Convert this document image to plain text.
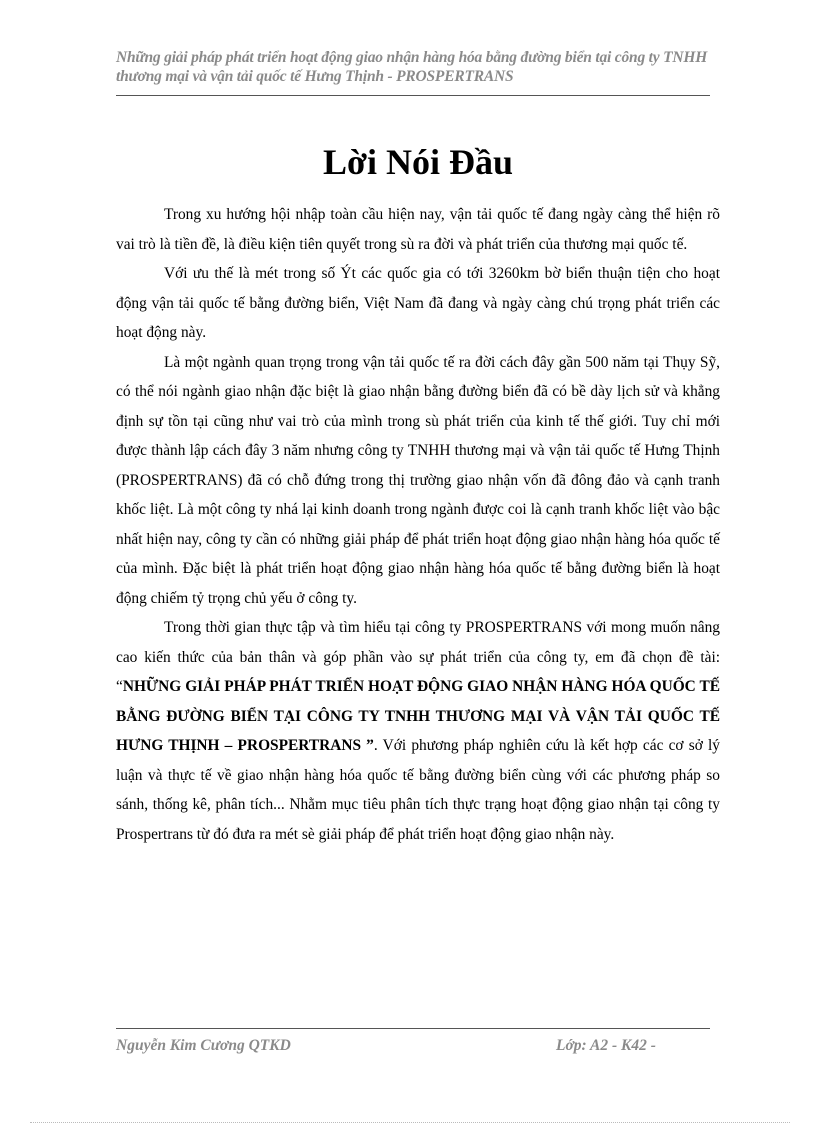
Những giải pháp phát triển hoạt động giao nhận hàng hóa bằng đường biển tại công ty TNHH thương mại và vận tải quốc tế Hưng Thịnh - PROSPERTRANS
Lời Nói Đầu

Trong xu hướng hội nhập toàn cầu hiện nay, vận tải quốc tế đang ngày càng thể hiện rõ vai trò là tiền đề, là điều kiện tiên quyết trong sù ra đời và phát triển của thương mại quốc tế.

Với ưu thế là mét trong số Ýt các quốc gia có tới 3260km bờ biển thuận tiện cho hoạt động vận tải quốc tế bằng đường biển, Việt Nam đã đang và ngày càng chú trọng phát triển các hoạt động này.

Là một ngành quan trọng trong vận tải quốc tế ra đời cách đây gần 500 năm tại Thụy Sỹ, có thể nói ngành giao nhận đặc biệt là giao nhận bằng đường biển đã có bề dày lịch sử và khẳng định sự tồn tại cũng như vai trò của mình trong sù phát triển của kinh tế thế giới. Tuy chỉ mới được thành lập cách đây 3 năm nhưng công ty TNHH thương mại và vận tải quốc tế Hưng Thịnh (PROSPERTRANS) đã có chỗ đứng trong thị trường giao nhận vốn đã đông đảo và cạnh tranh khốc liệt. Là một công ty nhá lại kinh doanh trong ngành được coi là cạnh tranh khốc liệt vào bậc nhất hiện nay, công ty cần có những giải pháp để phát triển hoạt động giao nhận hàng hóa quốc tế của mình. Đặc biệt là phát triển hoạt động giao nhận hàng hóa quốc tế bằng đường biển là hoạt động chiếm tỷ trọng chủ yếu ở công ty.

Trong thời gian thực tập và tìm hiểu tại công ty PROSPERTRANS với mong muốn nâng cao kiến thức của bản thân và góp phần vào sự phát triển của công ty, em đã chọn đề tài: “NHỮNG GIẢI PHÁP PHÁT TRIỂN HOẠT ĐỘNG GIAO NHẬN HÀNG HÓA QUỐC TẾ BẰNG ĐƯỜNG BIỂN TẠI CÔNG TY TNHH THƯƠNG MẠI VÀ VẬN TẢI QUỐC TẾ HƯNG THỊNH – PROSPERTRANS ”. Với phương pháp nghiên cứu là kết hợp các cơ sở lý luận và thực tế về giao nhận hàng hóa quốc tế bằng đường biển cùng với các phương pháp so sánh, thống kê, phân tích... Nhằm mục tiêu phân tích thực trạng hoạt động giao nhận tại công ty Prospertrans từ đó đưa ra mét sè giải pháp để phát triển hoạt động giao nhận này.

Nguyễn Kim Cương QTKD	Lớp: A2 - K42 -
